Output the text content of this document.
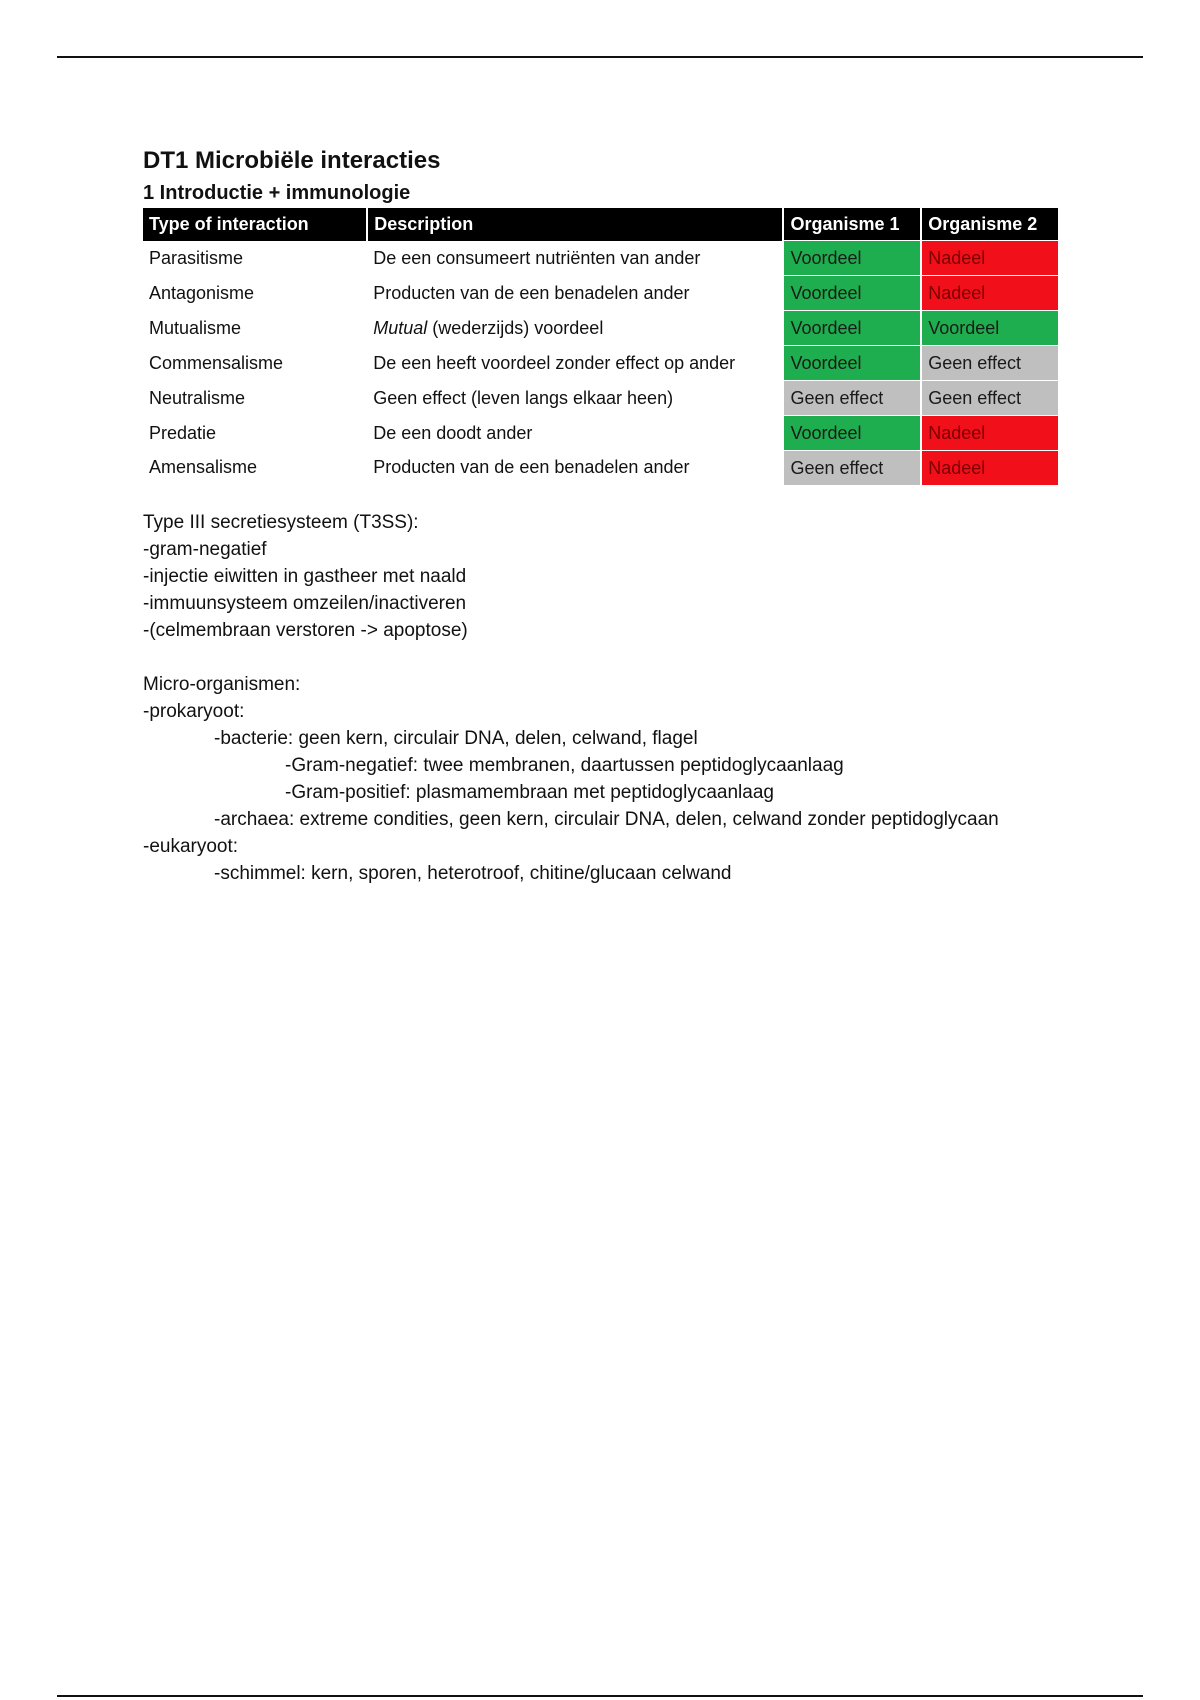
DT1 Microbiële interacties
1 Introductie + immunologie
Type of interaction	Description	Organisme 1	Organisme 2
Parasitisme	De een consumeert nutriënten van ander	Voordeel	Nadeel
Antagonisme	Producten van de een benadelen ander	Voordeel	Nadeel
Mutualisme	Mutual (wederzijds) voordeel	Voordeel	Voordeel
Commensalisme	De een heeft voordeel zonder effect op ander	Voordeel	Geen effect
Neutralisme	Geen effect (leven langs elkaar heen)	Geen effect	Geen effect
Predatie	De een doodt ander	Voordeel	Nadeel
Amensalisme	Producten van de een benadelen ander	Geen effect	Nadeel

Type III secretiesysteem (T3SS):

-gram-negatief

-injectie eiwitten in gastheer met naald

-immuunsysteem omzeilen/inactiveren

-(celmembraan verstoren -> apoptose)

Micro-organismen:

-prokaryoot:

-bacterie: geen kern, circulair DNA, delen, celwand, flagel

-Gram-negatief: twee membranen, daartussen peptidoglycaanlaag

-Gram-positief: plasmamembraan met peptidoglycaanlaag

-archaea: extreme condities, geen kern, circulair DNA, delen, celwand zonder peptidoglycaan

-eukaryoot:

-schimmel: kern, sporen, heterotroof, chitine/glucaan celwand
